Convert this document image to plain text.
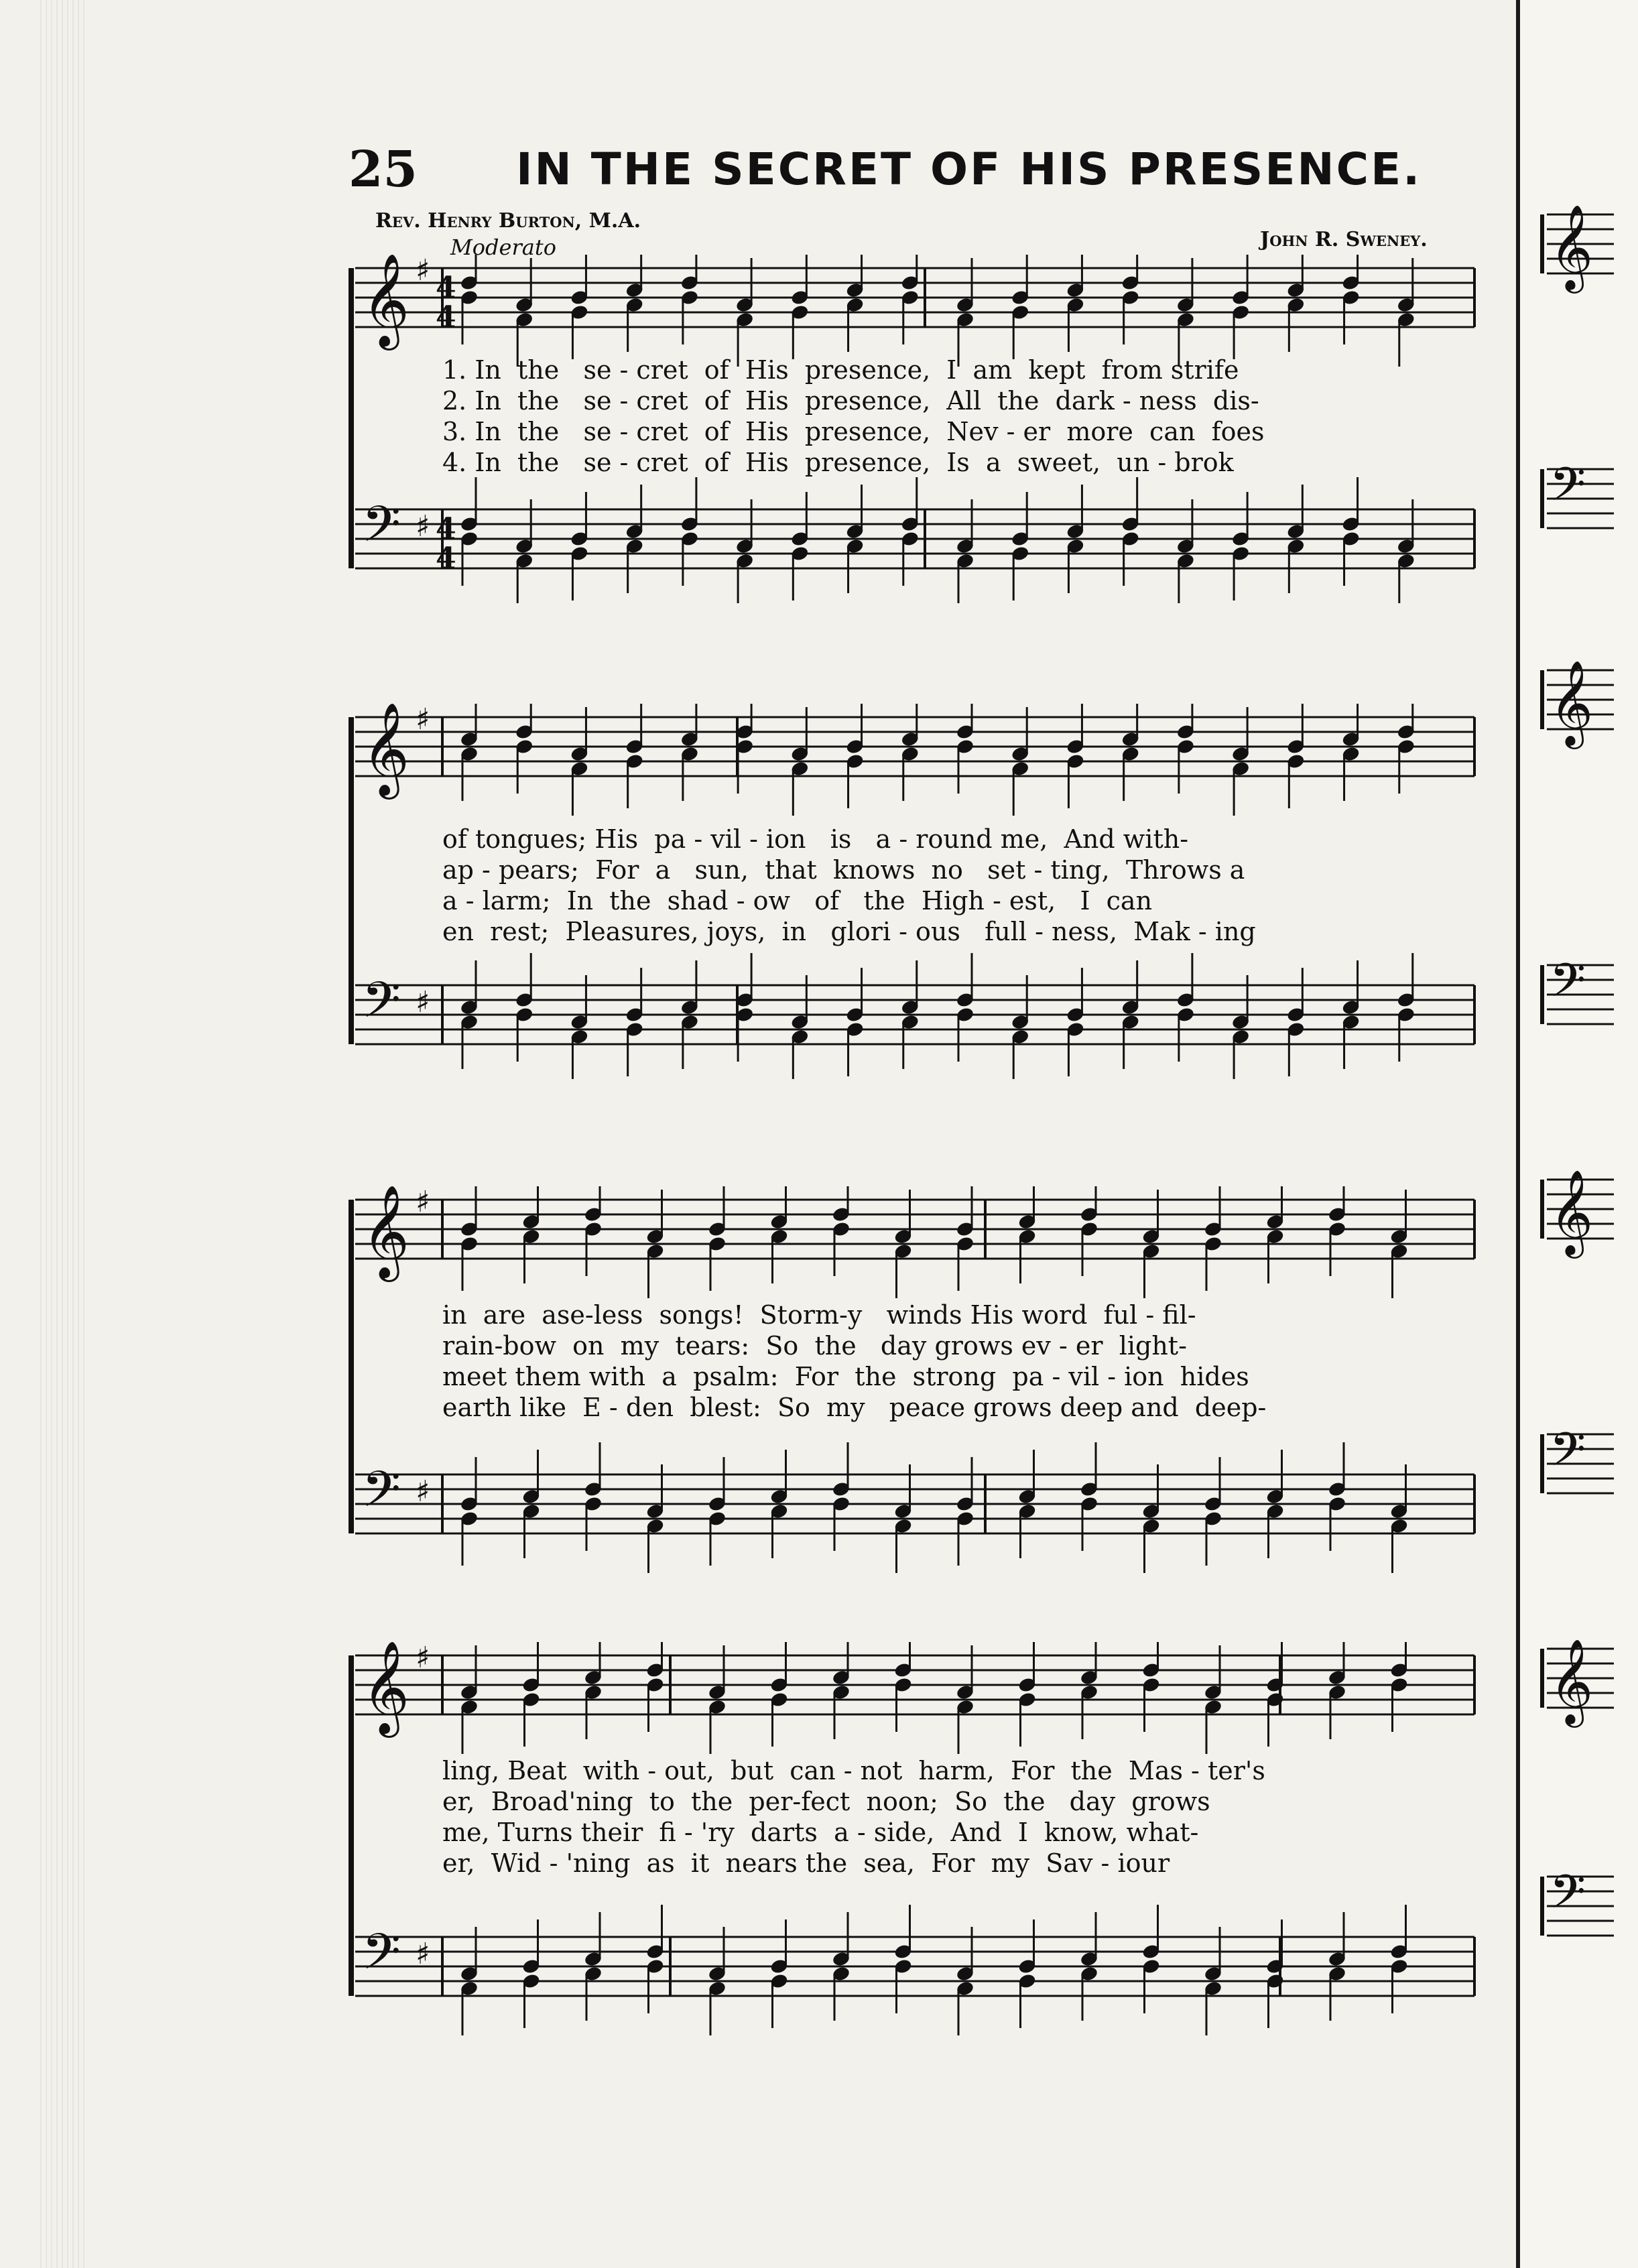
25 IN THE SECRET OF HIS PRESENCE.
Rev. Henry Burton, M.A.
John R. Sweney.
Moderato
𝄞 ♯
𝄢 ♯
4
4
4
4
1. In  the   se - cret  of  His  presence,  I  am  kept  from strife
2. In  the   se - cret  of  His  presence,  All  the  dark - ness  dis-
3. In  the   se - cret  of  His  presence,  Nev - er  more  can  foes
4. In  the   se - cret  of  His  presence,  Is  a  sweet,  un - brok
𝄞 ♯
𝄢 ♯
of tongues; His  pa - vil - ion   is   a - round me,  And with-
ap - pears;  For  a   sun,  that  knows  no   set - ting,  Throws a
a - larm;  In  the  shad - ow   of   the  High - est,   I  can
en  rest;  Pleasures, joys,  in   glori - ous   full - ness,  Mak - ing
𝄞 ♯
𝄢 ♯
in  are  ase-less  songs!  Storm-y   winds His word  ful - fil-
rain-bow  on  my  tears:  So  the   day grows ev - er  light-
meet them with  a  psalm:  For  the  strong  pa - vil - ion  hides
earth like  E - den  blest:  So  my   peace grows deep and  deep-
𝄞 ♯
𝄢 ♯
ling, Beat  with - out,  but  can - not  harm,  For  the  Mas - ter's
er,  Broad'ning  to  the  per-fect  noon;  So  the   day  grows
me, Turns their  fi - 'ry  darts  a - side,  And  I  know, what-
er,  Wid - 'ning  as  it  nears the  sea,  For  my  Sav - iour
𝄞
𝄢
𝄞
𝄢
𝄞
𝄢
𝄞
𝄢
